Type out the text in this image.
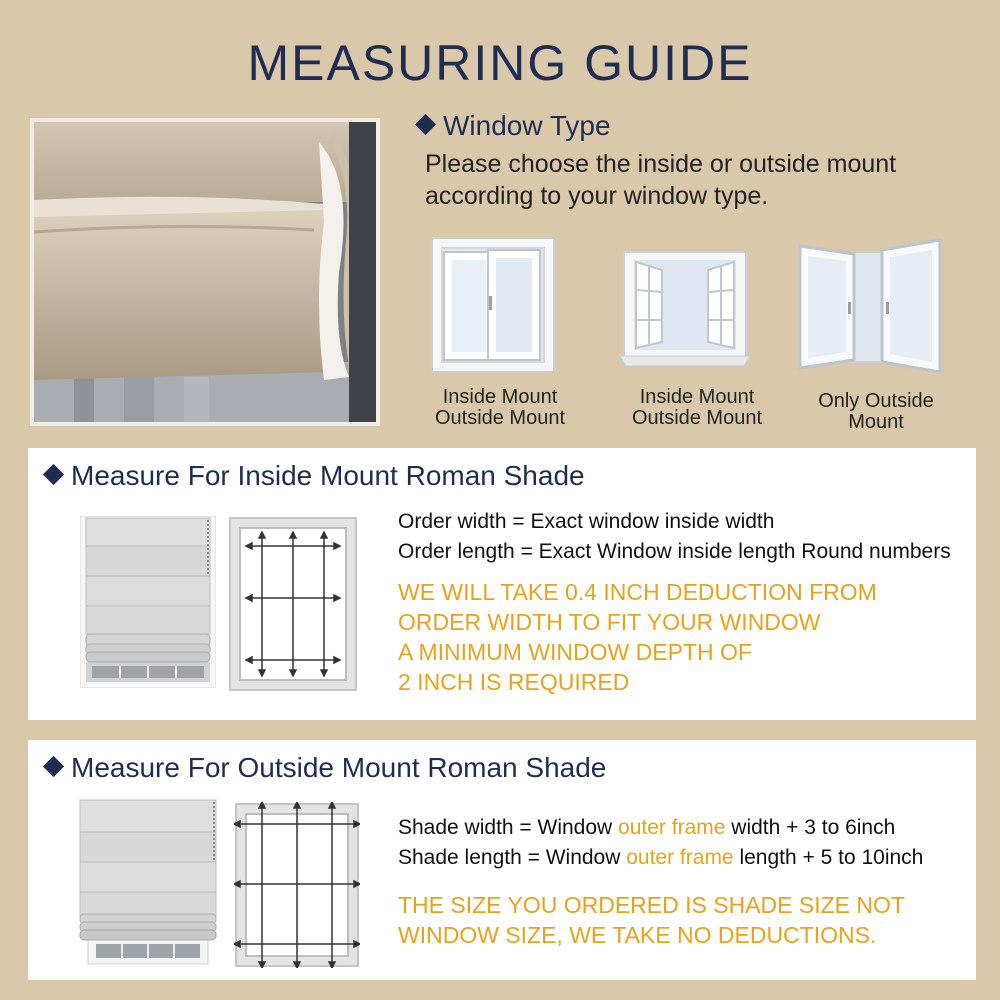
MEASURING GUIDE
Window Type
Please choose the inside or outside mount according to your window type.
Inside Mount
Outside Mount
Inside Mount
Outside Mount
Only Outside
Mount
Measure For Inside Mount Roman Shade
Order width = Exact window inside width
Order length = Exact Window inside length Round numbers
WE WILL TAKE 0.4 INCH DEDUCTION FROM
ORDER WIDTH TO FIT YOUR WINDOW
A MINIMUM WINDOW DEPTH OF
2 INCH IS REQUIRED
Measure For Outside Mount Roman Shade
Shade width = Window outer frame width + 3 to 6inch
Shade length = Window outer frame length + 5 to 10inch
THE SIZE YOU ORDERED IS SHADE SIZE NOT
WINDOW SIZE, WE TAKE NO DEDUCTIONS.
